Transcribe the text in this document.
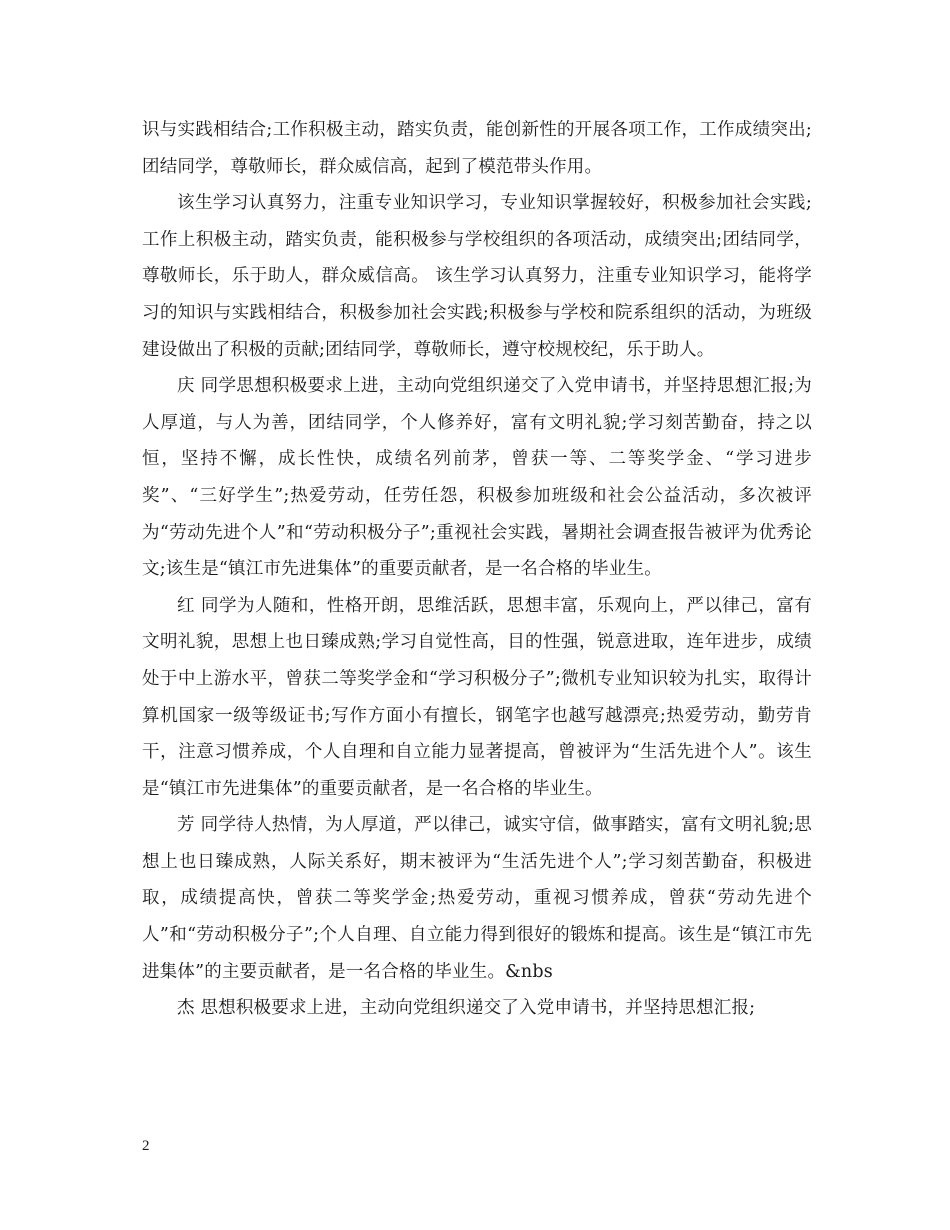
识与实践相结合;工作积极主动，踏实负责，能创新性的开展各项工作，工作成绩突出;团结同学，尊敬师长，群众威信高，起到了模范带头作用。

该生学习认真努力，注重专业知识学习，专业知识掌握较好，积极参加社会实践;工作上积极主动，踏实负责，能积极参与学校组织的各项活动，成绩突出;团结同学，尊敬师长，乐于助人，群众威信高。 该生学习认真努力，注重专业知识学习，能将学习的知识与实践相结合，积极参加社会实践;积极参与学校和院系组织的活动，为班级建设做出了积极的贡献;团结同学，尊敬师长，遵守校规校纪，乐于助人。

庆 同学思想积极要求上进，主动向党组织递交了入党申请书，并坚持思想汇报;为人厚道，与人为善，团结同学，个人修养好，富有文明礼貌;学习刻苦勤奋，持之以恒，坚持不懈，成长性快，成绩名列前茅，曾获一等、二等奖学金、“学习进步奖”、“三好学生”;热爱劳动，任劳任怨，积极参加班级和社会公益活动，多次被评为“劳动先进个人”和“劳动积极分子”;重视社会实践，暑期社会调查报告被评为优秀论文;该生是“镇江市先进集体”的重要贡献者，是一名合格的毕业生。

红 同学为人随和，性格开朗，思维活跃，思想丰富，乐观向上，严以律己，富有文明礼貌，思想上也日臻成熟;学习自觉性高，目的性强，锐意进取，连年进步，成绩处于中上游水平，曾获二等奖学金和“学习积极分子”;微机专业知识较为扎实，取得计算机国家一级等级证书;写作方面小有擅长，钢笔字也越写越漂亮;热爱劳动，勤劳肯干，注意习惯养成，个人自理和自立能力显著提高，曾被评为“生活先进个人”。该生是“镇江市先进集体”的重要贡献者，是一名合格的毕业生。

芳 同学待人热情，为人厚道，严以律己，诚实守信，做事踏实，富有文明礼貌;思想上也日臻成熟，人际关系好，期末被评为“生活先进个人”;学习刻苦勤奋，积极进取，成绩提高快，曾获二等奖学金;热爱劳动，重视习惯养成，曾获“劳动先进个人”和“劳动积极分子”;个人自理、自立能力得到很好的锻炼和提高。该生是“镇江市先进集体”的主要贡献者，是一名合格的毕业生。&nbs

杰 思想积极要求上进，主动向党组织递交了入党申请书，并坚持思想汇报;

2
